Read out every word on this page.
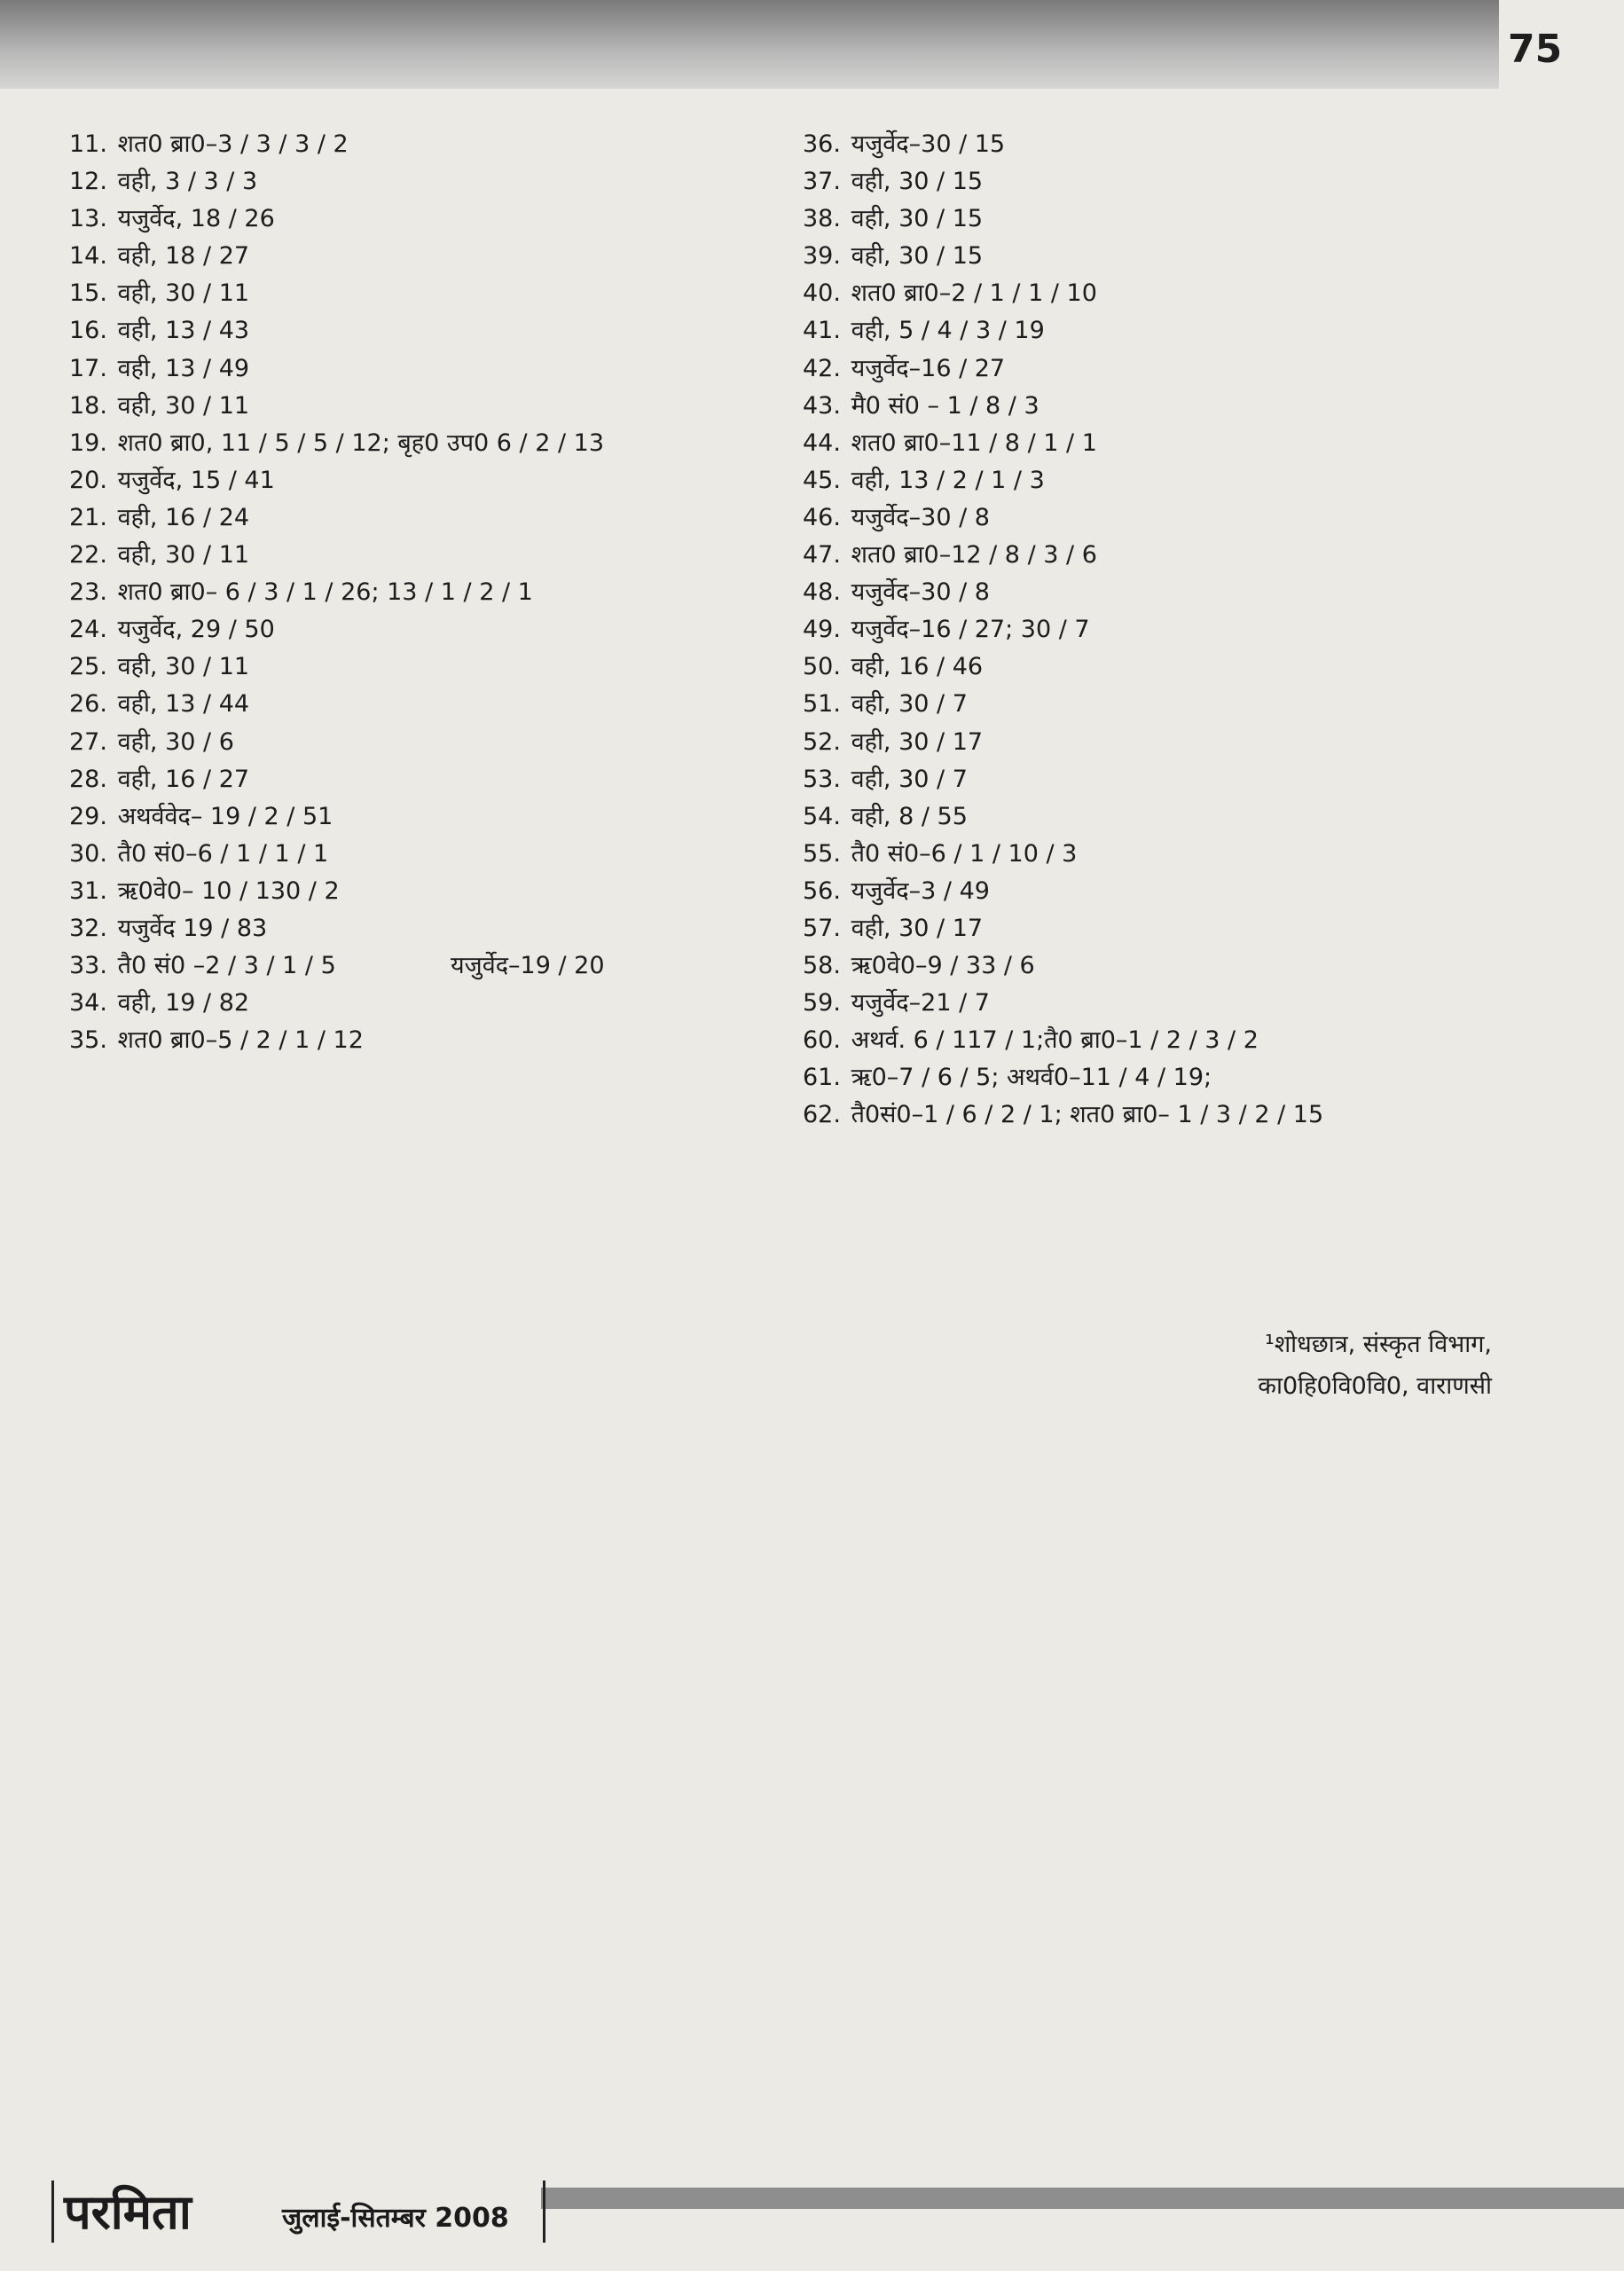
75
11. शत0 ब्रा0–3 / 3 / 3 / 2
12. वही, 3 / 3 / 3
13. यजुर्वेद, 18 / 26
14. वही, 18 / 27
15. वही, 30 / 11
16. वही, 13 / 43
17. वही, 13 / 49
18. वही, 30 / 11
19. शत0 ब्रा0, 11 / 5 / 5 / 12; बृह0 उप0 6 / 2 / 13
20. यजुर्वेद, 15 / 41
21. वही, 16 / 24
22. वही, 30 / 11
23. शत0 ब्रा0– 6 / 3 / 1 / 26; 13 / 1 / 2 / 1
24. यजुर्वेद, 29 / 50
25. वही, 30 / 11
26. वही, 13 / 44
27. वही, 30 / 6
28. वही, 16 / 27
29. अथर्ववेद– 19 / 2 / 51
30. तै0 सं0–6 / 1 / 1 / 1
31. ऋ0वे0– 10 / 130 / 2
32. यजुर्वेद 19 / 83
33. तै0 सं0 –2 / 3 / 1 / 5	यजुर्वेद–19 / 20
34. वही, 19 / 82
35. शत0 ब्रा0–5 / 2 / 1 / 12
36. यजुर्वेद–30 / 15
37. वही, 30 / 15
38. वही, 30 / 15
39. वही, 30 / 15
40. शत0 ब्रा0–2 / 1 / 1 / 10
41. वही, 5 / 4 / 3 / 19
42. यजुर्वेद–16 / 27
43. मै0 सं0 – 1 / 8 / 3
44. शत0 ब्रा0–11 / 8 / 1 / 1
45. वही, 13 / 2 / 1 / 3
46. यजुर्वेद–30 / 8
47. शत0 ब्रा0–12 / 8 / 3 / 6
48. यजुर्वेद–30 / 8
49. यजुर्वेद–16 / 27; 30 / 7
50. वही, 16 / 46
51. वही, 30 / 7
52. वही, 30 / 17
53. वही, 30 / 7
54. वही, 8 / 55
55. तै0 सं0–6 / 1 / 10 / 3
56. यजुर्वेद–3 / 49
57. वही, 30 / 17
58. ऋ0वे0–9 / 33 / 6
59. यजुर्वेद–21 / 7
60. अथर्व. 6 / 117 / 1;तै0 ब्रा0–1 / 2 / 3 / 2
61. ऋ0–7 / 6 / 5; अथर्व0–11 / 4 / 19;
62. तै0सं0–1 / 6 / 2 / 1; शत0 ब्रा0– 1 / 3 / 2 / 15
¹शोधछात्र, संस्कृत विभाग,
का0हि0वि0वि0, वाराणसी
परमिता	जुलाई-सितम्बर 2008
